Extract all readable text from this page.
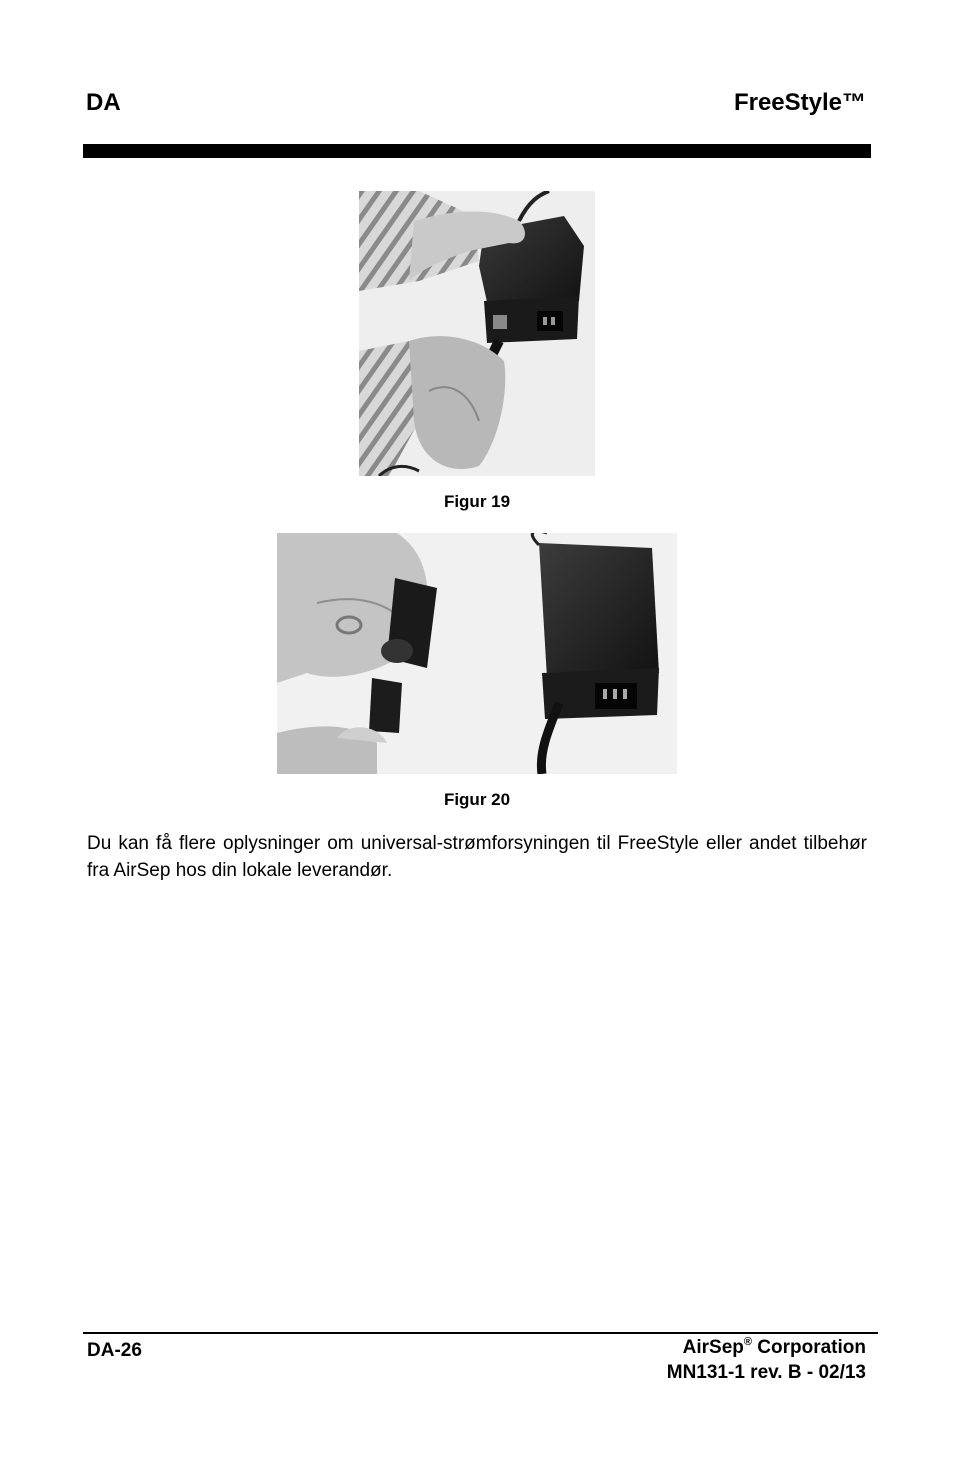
DA	FreeStyle™
Figur 19
Figur 20

Du kan få flere oplysninger om universal-strømforsyningen til FreeStyle eller andet tilbehør fra AirSep hos din lokale leverandør.

DA-26	AirSep® Corporation
MN131-1 rev. B - 02/13
